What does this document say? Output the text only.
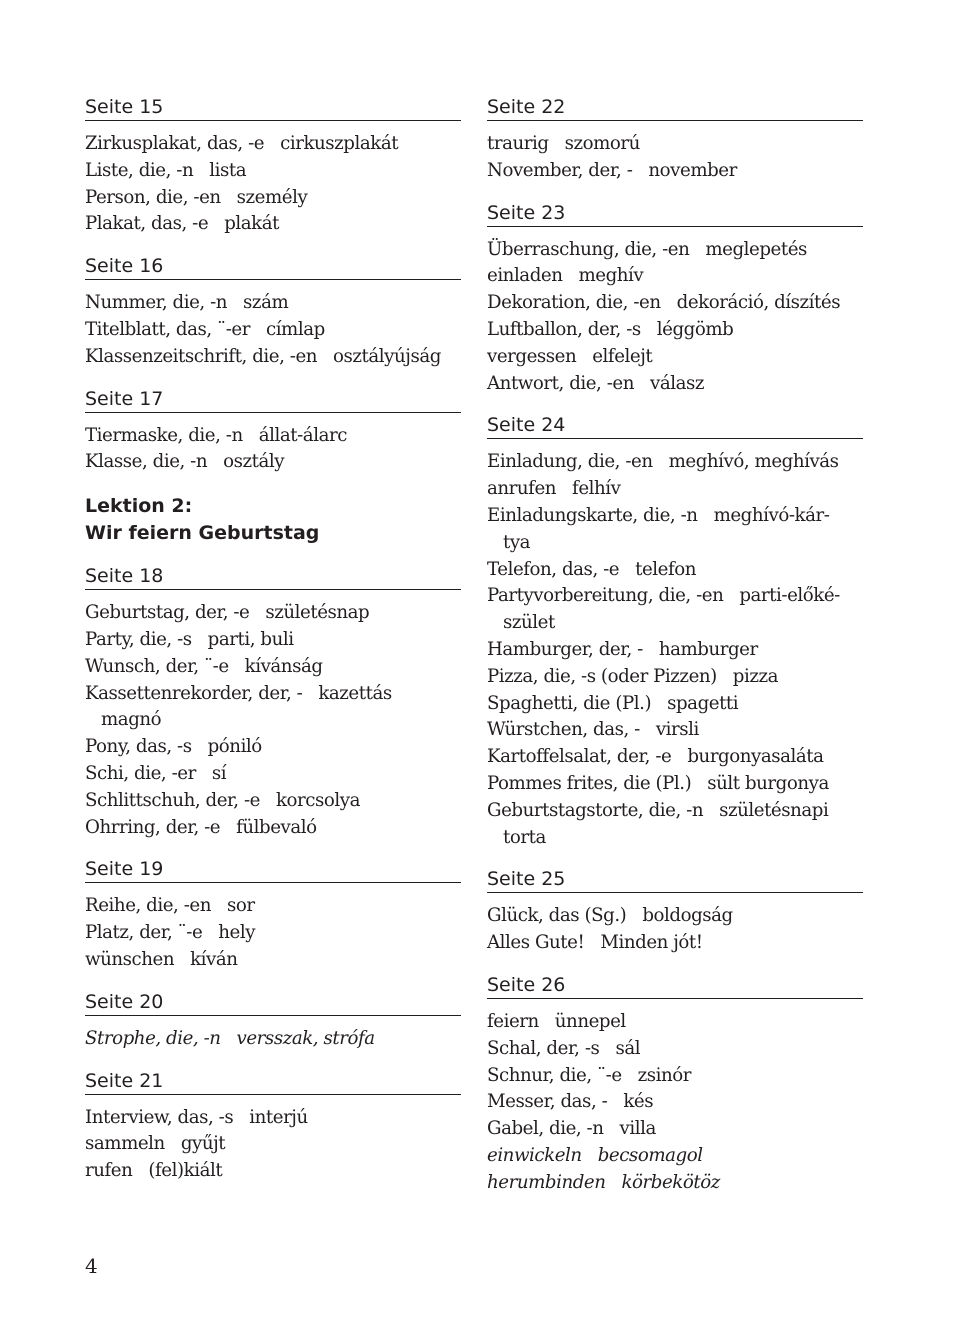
Seite 15
Zirkusplakat, das, -e cirkuszplakát
Liste, die, -n lista
Person, die, -en személy
Plakat, das, -e plakát
Seite 16
Nummer, die, -n szám
Titelblatt, das, ¨-er címlap
Klassenzeitschrift, die, -en osztályújság
Seite 17
Tiermaske, die, -n állat-álarc
Klasse, die, -n osztály
Lektion 2:
Wir feiern Geburtstag
Seite 18
Geburtstag, der, -e születésnap
Party, die, -s parti, buli
Wunsch, der, ¨-e kívánság
Kassettenrekorder, der, - kazettás
magnó
Pony, das, -s póniló
Schi, die, -er sí
Schlittschuh, der, -e korcsolya
Ohrring, der, -e fülbevaló
Seite 19
Reihe, die, -en sor
Platz, der, ¨-e hely
wünschen kíván
Seite 20
Strophe, die, -n versszak, strófa
Seite 21
Interview, das, -s interjú
sammeln gyűjt
rufen (fel)kiált
Seite 22
traurig szomorú
November, der, - november
Seite 23
Überraschung, die, -en meglepetés
einladen meghív
Dekoration, die, -en dekoráció, díszítés
Luftballon, der, -s léggömb
vergessen elfelejt
Antwort, die, -en válasz
Seite 24
Einladung, die, -en meghívó, meghívás
anrufen felhív
Einladungskarte, die, -n meghívó-kár-
tya
Telefon, das, -e telefon
Partyvorbereitung, die, -en parti-előké-
szület
Hamburger, der, - hamburger
Pizza, die, -s (oder Pizzen) pizza
Spaghetti, die (Pl.) spagetti
Würstchen, das, - virsli
Kartoffelsalat, der, -e burgonyasaláta
Pommes frites, die (Pl.) sült burgonya
Geburtstagstorte, die, -n születésnapi
torta
Seite 25
Glück, das (Sg.) boldogság
Alles Gute! Minden jót!
Seite 26
feiern ünnepel
Schal, der, -s sál
Schnur, die, ¨-e zsinór
Messer, das, - kés
Gabel, die, -n villa
einwickeln becsomagol
herumbinden körbekötöz
4
